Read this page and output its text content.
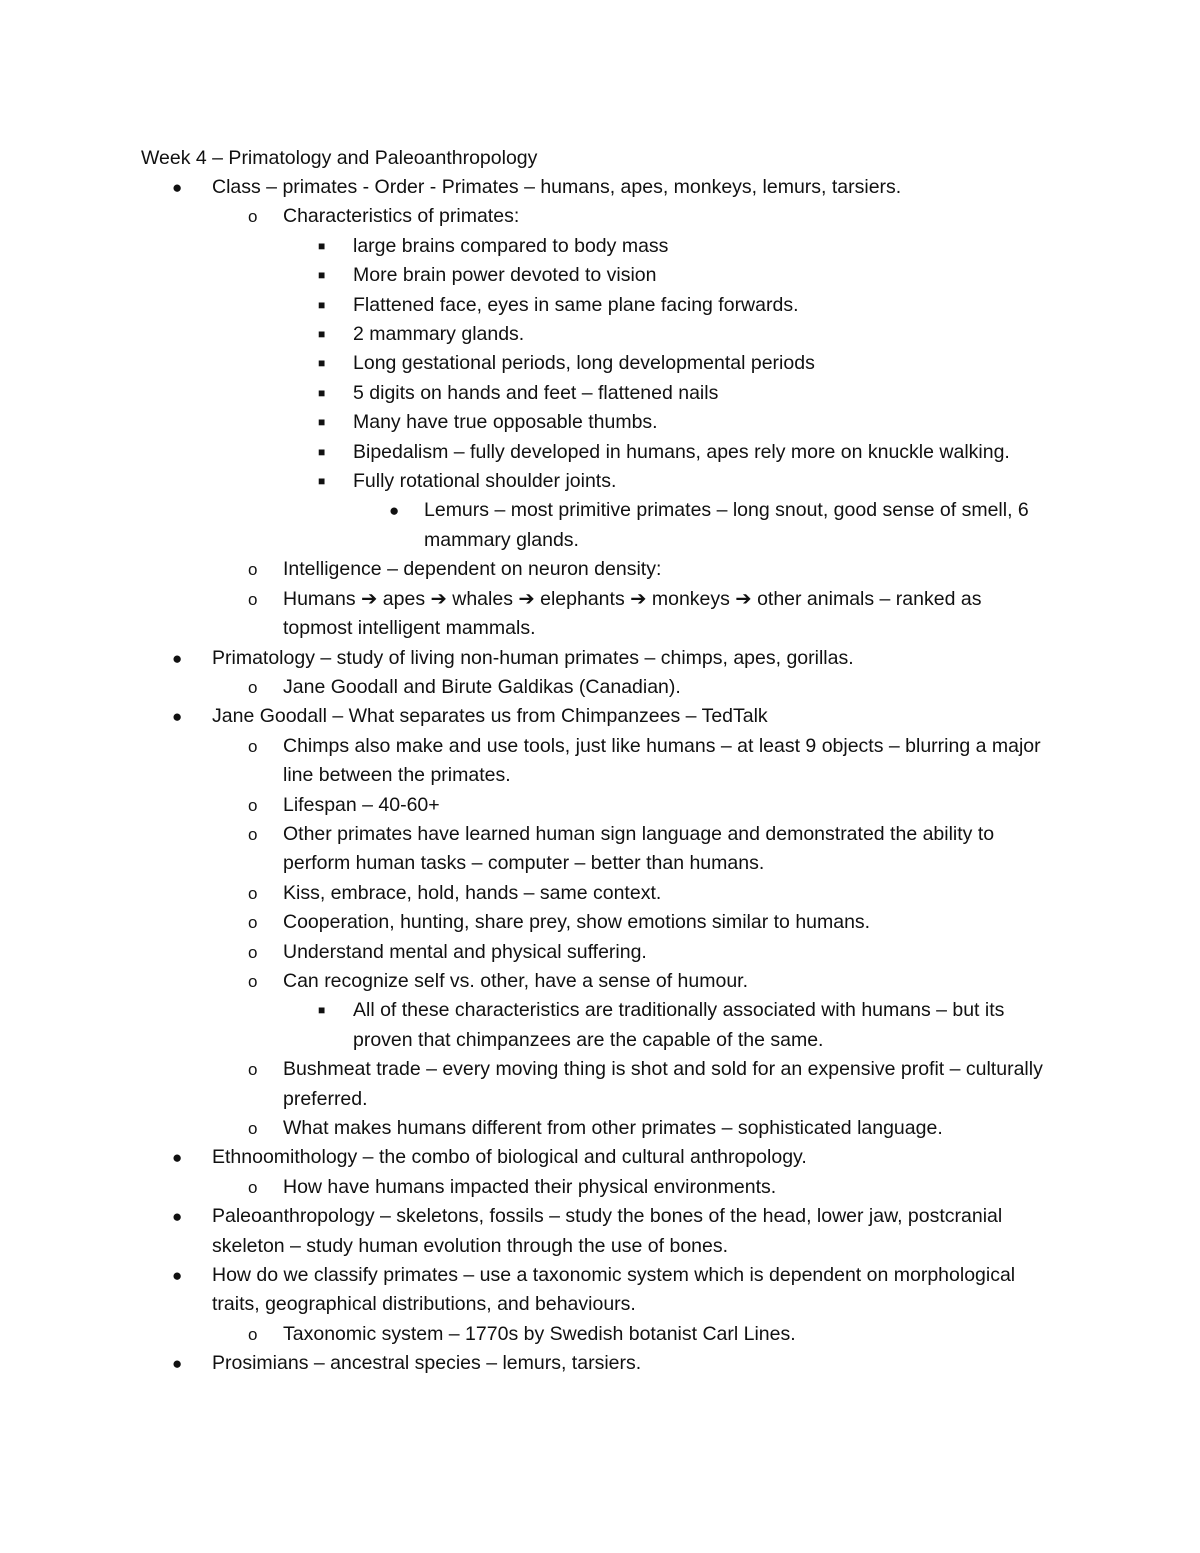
Week 4 – Primatology and Paleoanthropology
● Class – primates - Order - Primates – humans, apes, monkeys, lemurs, tarsiers.
o Characteristics of primates:
■ large brains compared to body mass
■ More brain power devoted to vision
■ Flattened face, eyes in same plane facing forwards.
■ 2 mammary glands.
■ Long gestational periods, long developmental periods
■ 5 digits on hands and feet – flattened nails
■ Many have true opposable thumbs.
■ Bipedalism – fully developed in humans, apes rely more on knuckle walking.
■ Fully rotational shoulder joints.
● Lemurs – most primitive primates – long snout, good sense of smell, 6 mammary glands.
o Intelligence – dependent on neuron density:
o Humans ➔ apes ➔ whales ➔ elephants ➔ monkeys ➔ other animals – ranked as topmost intelligent mammals.
● Primatology – study of living non-human primates – chimps, apes, gorillas.
o Jane Goodall and Birute Galdikas (Canadian).
● Jane Goodall – What separates us from Chimpanzees – TedTalk
o Chimps also make and use tools, just like humans – at least 9 objects – blurring a major line between the primates.
o Lifespan – 40-60+
o Other primates have learned human sign language and demonstrated the ability to perform human tasks – computer – better than humans.
o Kiss, embrace, hold, hands – same context.
o Cooperation, hunting, share prey, show emotions similar to humans.
o Understand mental and physical suffering.
o Can recognize self vs. other, have a sense of humour.
■ All of these characteristics are traditionally associated with humans – but its proven that chimpanzees are the capable of the same.
o Bushmeat trade – every moving thing is shot and sold for an expensive profit – culturally preferred.
o What makes humans different from other primates – sophisticated language.
● Ethnoomithology – the combo of biological and cultural anthropology.
o How have humans impacted their physical environments.
● Paleoanthropology – skeletons, fossils – study the bones of the head, lower jaw, postcranial skeleton – study human evolution through the use of bones.
● How do we classify primates – use a taxonomic system which is dependent on morphological traits, geographical distributions, and behaviours.
o Taxonomic system – 1770s by Swedish botanist Carl Lines.
● Prosimians – ancestral species – lemurs, tarsiers.
